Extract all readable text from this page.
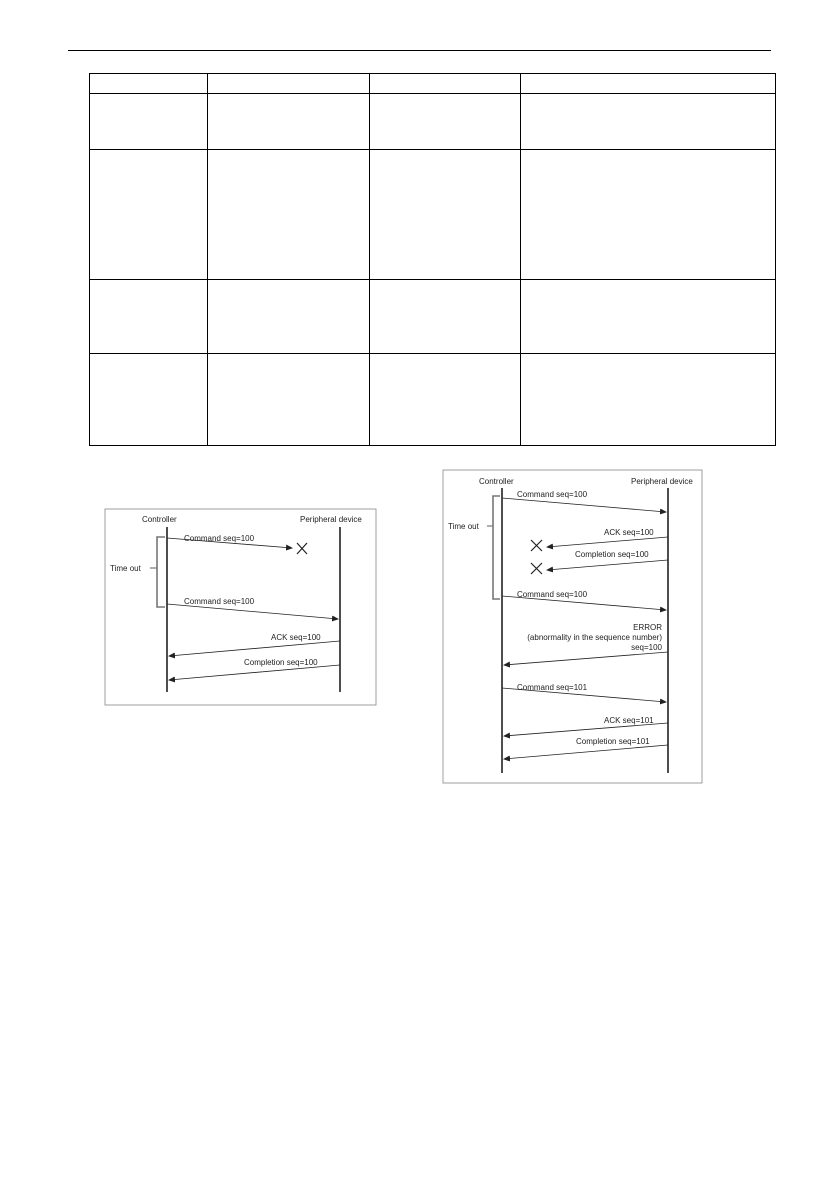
Controller	Peripheral device
Time out
Command seq=100
Command seq=100
ACK seq=100
Completion seq=100
Controller	Peripheral device
Time out
Command seq=100
ACK seq=100
Completion seq=100
Command seq=100
ERROR
(abnormality in the sequence number)
seq=100
Command seq=101
ACK seq=101
Completion seq=101
